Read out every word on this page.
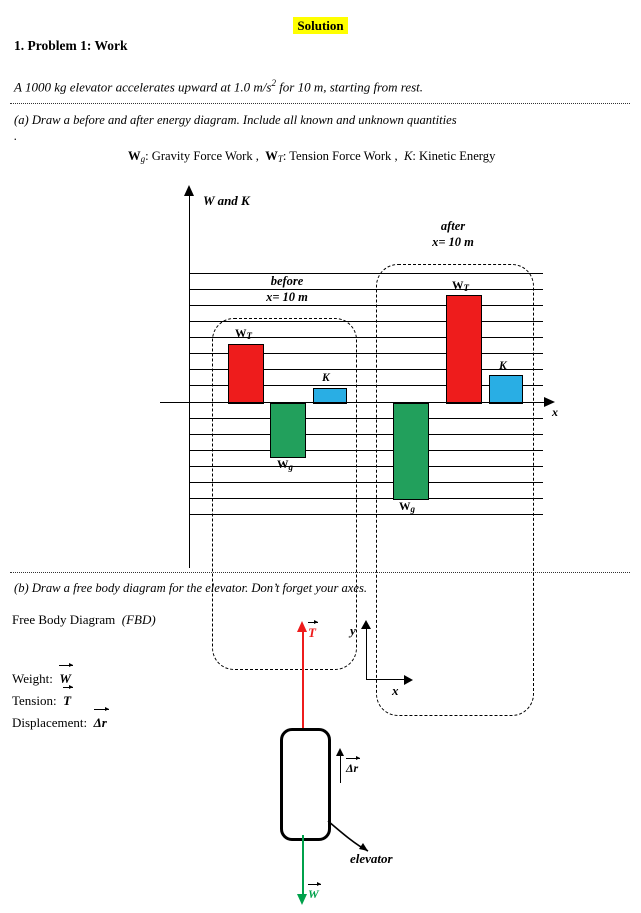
Solution
1. Problem 1: Work
A 1000 kg elevator accelerates upward at 1.0 $m/s^2$ for 10 m, starting from rest.
(a) Draw a before and after energy diagram. Include all known and unknown quantities
.
$W_g$: Gravity Force Work , $W_T$: Tension Force Work , K: Kinetic Energy
before
x= 10 m
after
x= 10 m
$W_T$
$W_g$
K
$W_T$
$W_g$
K
W and K
x
(b) Draw a free body diagram for the elevator. Don’t forget your axes.
Free Body Diagram (FBD)
Weight: W
Tension: T
Displacement: Δr
T
W
Δr
y
x
elevator
